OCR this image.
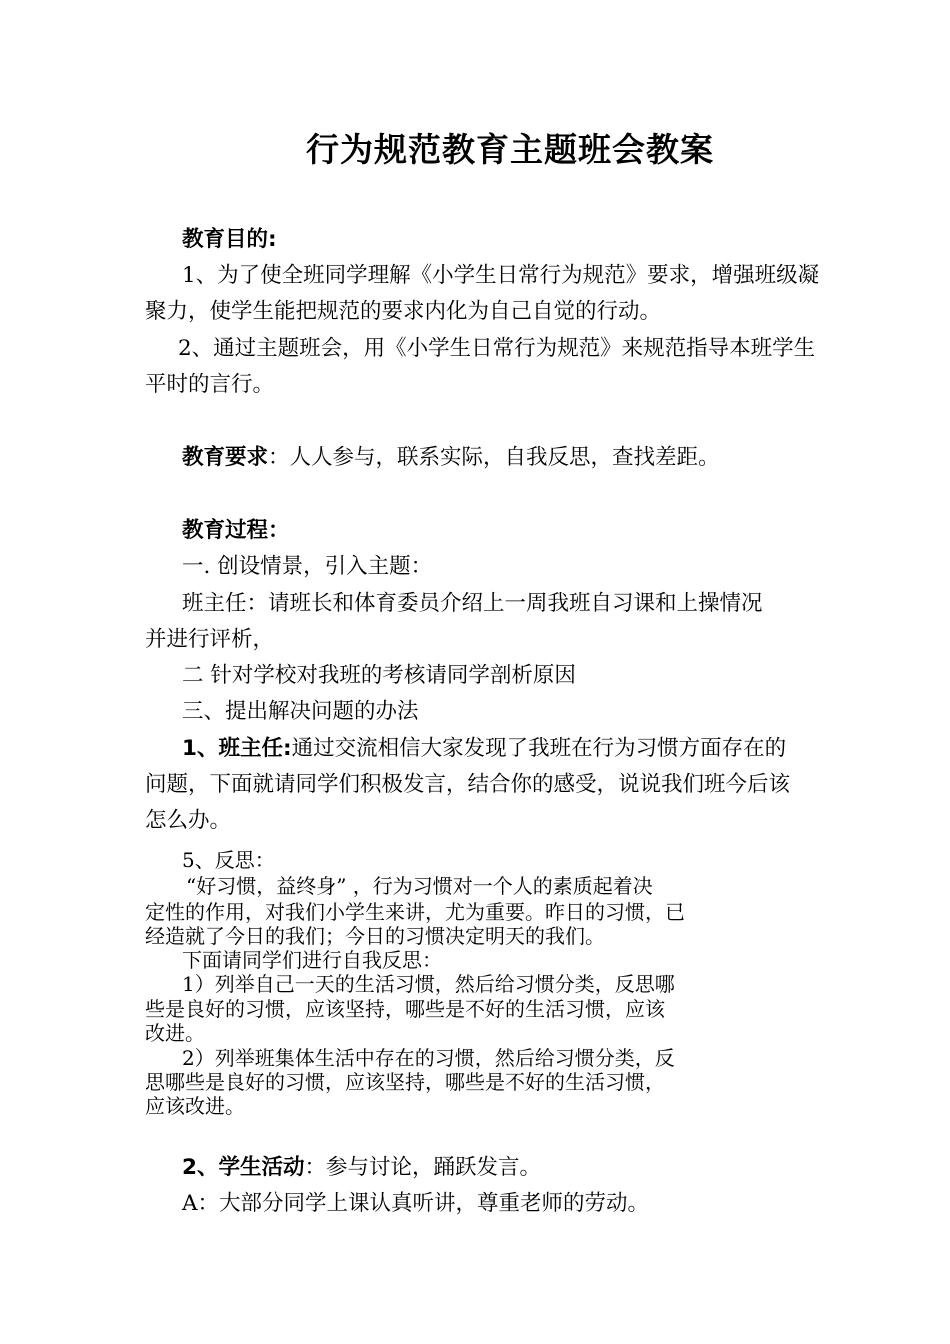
行为规范教育主题班会教案
教育目的:
1、为了使全班同学理解《小学生日常行为规范》要求，增强班级凝
聚力，使学生能把规范的要求内化为自己自觉的行动。
2、通过主题班会，用《小学生日常行为规范》来规范指导本班学生
平时的言行。
教育要求：人人参与，联系实际，自我反思，查找差距。
教育过程：
一. 创设情景，引入主题：
班主任：请班长和体育委员介绍上一周我班自习课和上操情况
并进行评析，
二 针对学校对我班的考核请同学剖析原因
三、提出解决问题的办法
1、班主任:通过交流相信大家发现了我班在行为习惯方面存在的
问题，下面就请同学们积极发言，结合你的感受，说说我们班今后该
怎么办。
5、反思：
“好习惯，益终身” ，行为习惯对一个人的素质起着决
定性的作用，对我们小学生来讲，尤为重要。昨日的习惯，已
经造就了今日的我们；今日的习惯决定明天的我们。
下面请同学们进行自我反思：
1）列举自己一天的生活习惯，然后给习惯分类，反思哪
些是良好的习惯，应该坚持，哪些是不好的生活习惯，应该
改进。
2）列举班集体生活中存在的习惯，然后给习惯分类，反
思哪些是良好的习惯，应该坚持，哪些是不好的生活习惯，
应该改进。
2、学生活动：参与讨论，踊跃发言。
A：大部分同学上课认真听讲，尊重老师的劳动。
